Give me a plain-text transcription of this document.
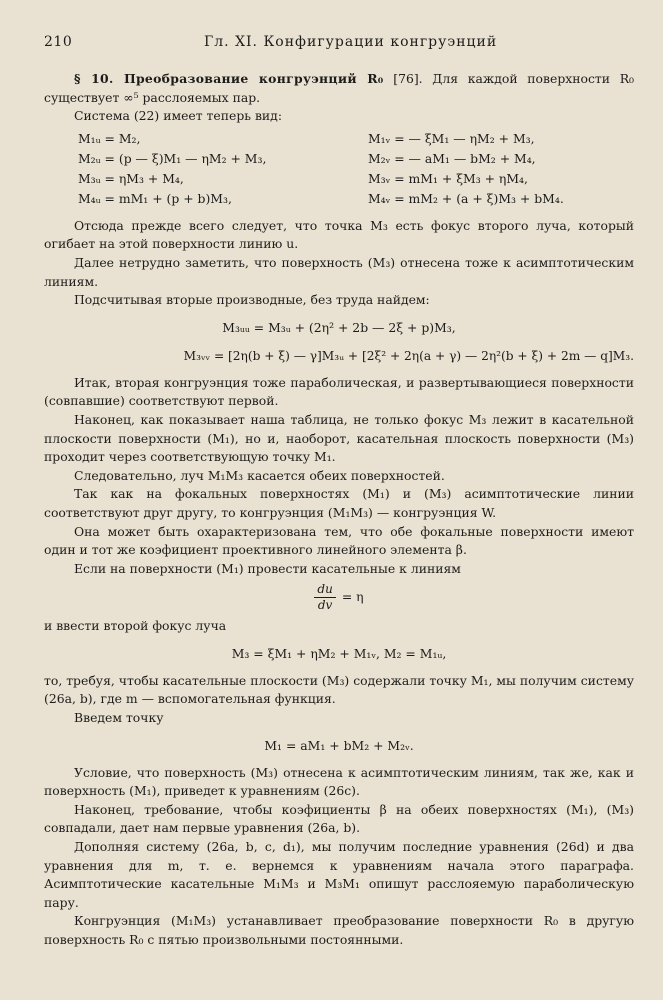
210	Гл. XI. Конфигурации конгруэнций

§ 10. Преобразование конгруэнций R₀ [76]. Для каждой поверхности R₀ существует ∞⁵ расслояемых пар.

Система (22) имеет теперь вид:

M₁ᵤ = M₂,	M₁ᵥ = — ξM₁ — ηM₂ + M₃,
M₂ᵤ = (p — ξ)M₁ — ηM₂ + M₃,	M₂ᵥ = — aM₁ — bM₂ + M₄,
M₃ᵤ = ηM₃ + M₄,	M₃ᵥ = mM₁ + ξM₃ + ηM₄,
M₄ᵤ = mM₁ + (p + b)M₃,	M₄ᵥ = mM₂ + (a + ξ)M₃ + bM₄.

Отсюда прежде всего следует, что точка M₃ есть фокус второго луча, который огибает на этой поверхности линию u.

Далее нетрудно заметить, что поверхность (M₃) отнесена тоже к асимптотическим линиям.

Подсчитывая вторые производные, без труда найдем:

M₃ᵤᵤ = M₃ᵤ + (2η² + 2b — 2ξ + p)M₃,
M₃ᵥᵥ = [2η(b + ξ) — γ]M₃ᵤ + [2ξ² + 2η(a + γ) — 2η²(b + ξ) + 2m — q]M₃.

Итак, вторая конгруэнция тоже параболическая, и развертывающиеся поверхности (совпавшие) соответствуют первой.

Наконец, как показывает наша таблица, не только фокус M₃ лежит в касательной плоскости поверхности (M₁), но и, наоборот, касательная плоскость поверхности (M₃) проходит через соответствующую точку M₁.

Следовательно, луч M₁M₃ касается обеих поверхностей.

Так как на фокальных поверхностях (M₁) и (M₃) асимптотические линии соответствуют друг другу, то конгруэнция (M₁M₃) — конгруэнция W.

Она может быть охарактеризована тем, что обе фокальные поверхности имеют один и тот же коэфициент проективного линейного элемента β.

Если на поверхности (M₁) провести касательные к линиям

$\frac{du}{dv} = \eta$

и ввести второй фокус луча

M₃ = ξM₁ + ηM₂ + M₁ᵥ, M₂ = M₁ᵤ,

то, требуя, чтобы касательные плоскости (M₃) содержали точку M₁, мы получим систему (26a, b), где m — вспомогательная функция.

Введем точку

M₁ = aM₁ + bM₂ + M₂ᵥ.

Условие, что поверхность (M₃) отнесена к асимптотическим линиям, так же, как и поверхность (M₁), приведет к уравнениям (26c).

Наконец, требование, чтобы коэфициенты β на обеих поверхностях (M₁), (M₃) совпадали, дает нам первые уравнения (26a, b).

Дополняя систему (26a, b, c, d₁), мы получим последние уравнения (26d) и два уравнения для m, т. е. вернемся к уравнениям начала этого параграфа. Асимптотические касательные M₁M₃ и M₃M₁ опишут расслояемую параболическую пару.

Конгруэнция (M₁M₃) устанавливает преобразование поверхности R₀ в другую поверхность R₀ с пятью произвольными постоянными.
